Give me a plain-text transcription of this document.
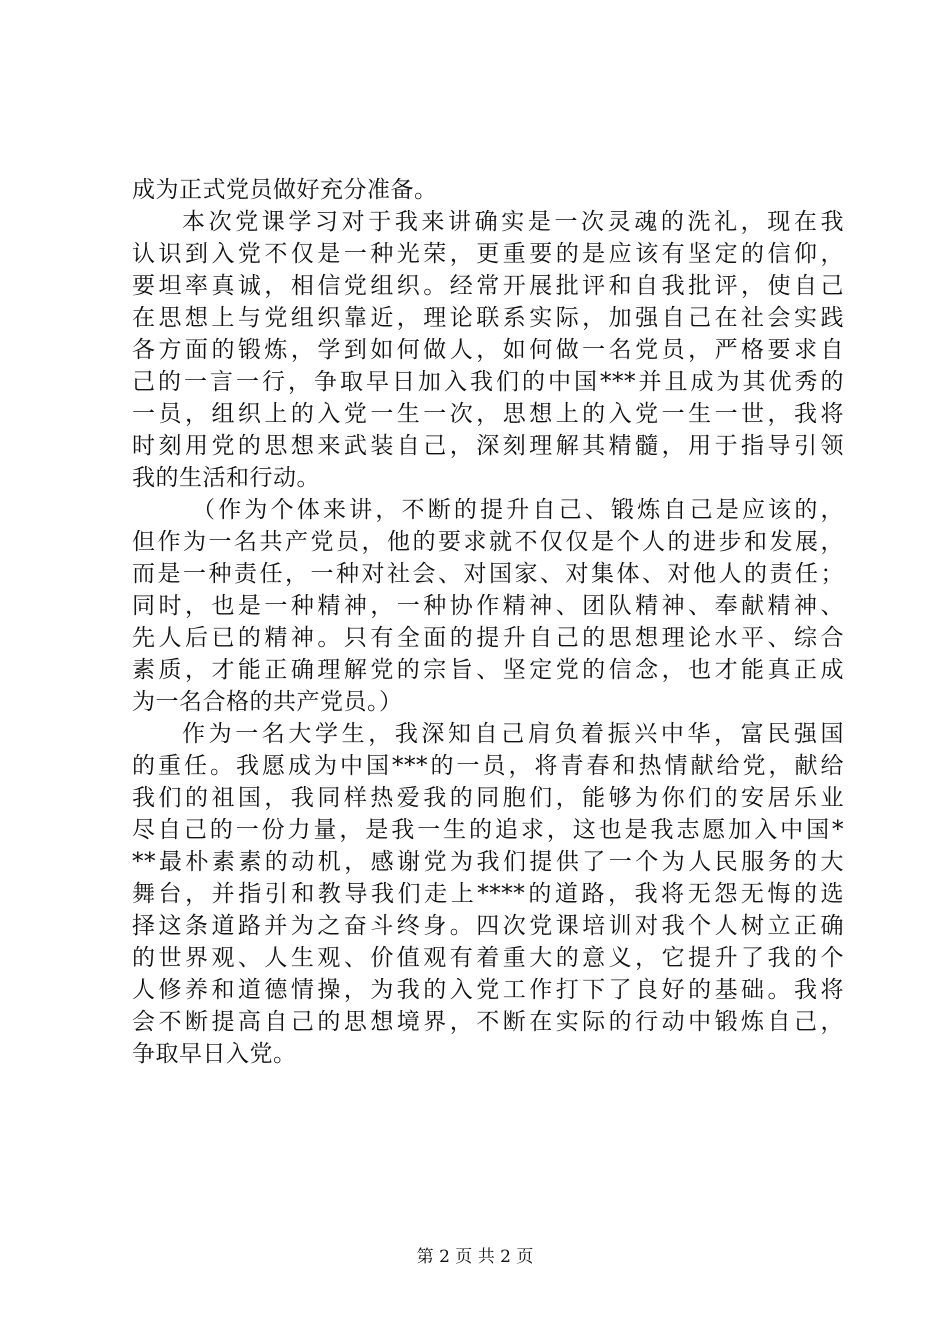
成为正式党员做好充分准备。
本次党课学习对于我来讲确实是一次灵魂的洗礼，现在我
认识到入党不仅是一种光荣，更重要的是应该有坚定的信仰，
要坦率真诚，相信党组织。经常开展批评和自我批评，使自己
在思想上与党组织靠近，理论联系实际，加强自己在社会实践
各方面的锻炼，学到如何做人，如何做一名党员，严格要求自
己的一言一行，争取早日加入我们的中国***并且成为其优秀的
一员，组织上的入党一生一次，思想上的入党一生一世，我将
时刻用党的思想来武装自己，深刻理解其精髓，用于指导引领
我的生活和行动。
（作为个体来讲，不断的提升自己、锻炼自己是应该的，
但作为一名共产党员，他的要求就不仅仅是个人的进步和发展，
而是一种责任，一种对社会、对国家、对集体、对他人的责任；
同时，也是一种精神，一种协作精神、团队精神、奉献精神、
先人后已的精神。只有全面的提升自己的思想理论水平、综合
素质，才能正确理解党的宗旨、坚定党的信念，也才能真正成
为一名合格的共产党员。）
作为一名大学生，我深知自己肩负着振兴中华，富民强国
的重任。我愿成为中国***的一员，将青春和热情献给党，献给
我们的祖国，我同样热爱我的同胞们，能够为你们的安居乐业
尽自己的一份力量，是我一生的追求，这也是我志愿加入中国*
**最朴素素的动机，感谢党为我们提供了一个为人民服务的大
舞台，并指引和教导我们走上****的道路，我将无怨无悔的选
择这条道路并为之奋斗终身。四次党课培训对我个人树立正确
的世界观、人生观、价值观有着重大的意义，它提升了我的个
人修养和道德情操，为我的入党工作打下了良好的基础。我将
会不断提高自己的思想境界，不断在实际的行动中锻炼自己，
争取早日入党。
第 2 页 共 2 页
